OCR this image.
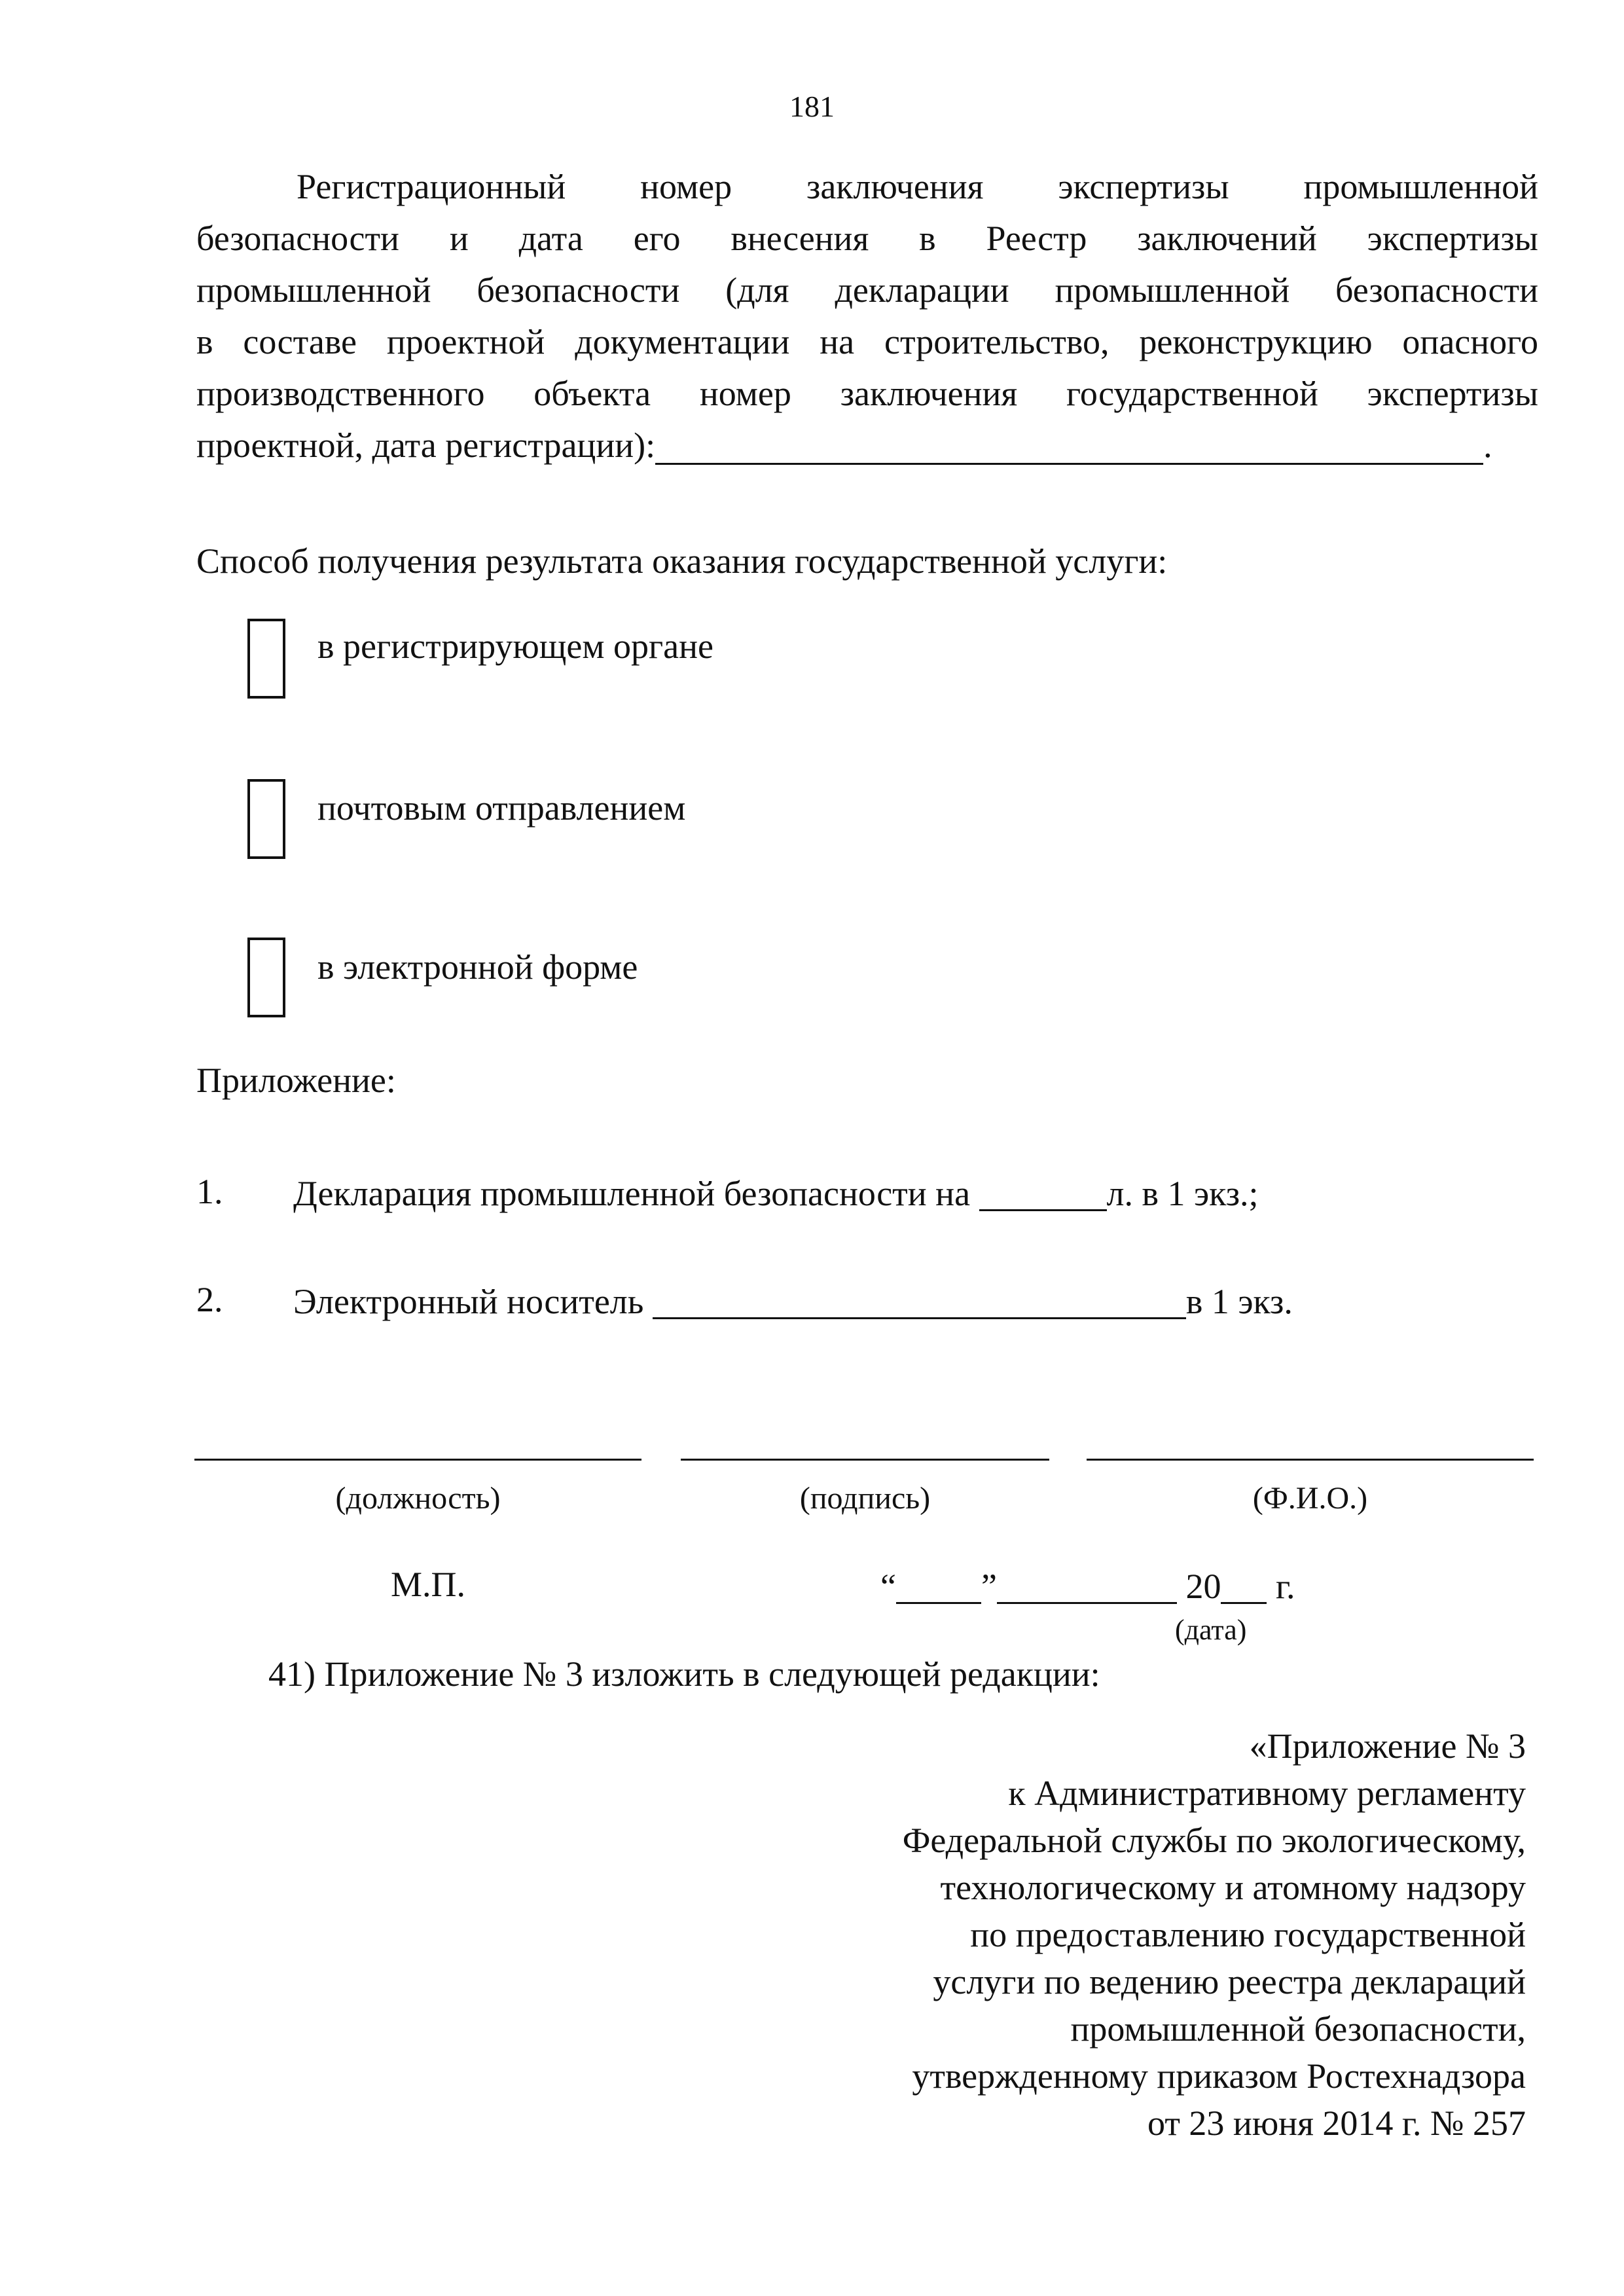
181
Регистрационный номер заключения экспертизы промышленной
безопасности и дата его внесения в Реестр заключений экспертизы
промышленной безопасности (для декларации промышленной безопасности
в составе проектной документации на строительство, реконструкцию опасного
производственного объекта номер заключения государственной экспертизы
проектной, дата регистрации):	.
Способ получения результата оказания государственной услуги:
в регистрирующем органе
почтовым отправлением
в электронной форме
Приложение:
1. Декларация промышленной безопасности на	л. в 1 экз.;
2. Электронный носитель	в 1 экз.
(должность)	(подпись)	(Ф.И.О.)
М.П.	“ ”	20 г.
(дата)
41) Приложение № 3 изложить в следующей редакции:
«Приложение № 3
к Административному регламенту
Федеральной службы по экологическому,
технологическому и атомному надзору
по предоставлению государственной
услуги по ведению реестра деклараций
промышленной безопасности,
утвержденному приказом Ростехнадзора
от 23 июня 2014 г. № 257
